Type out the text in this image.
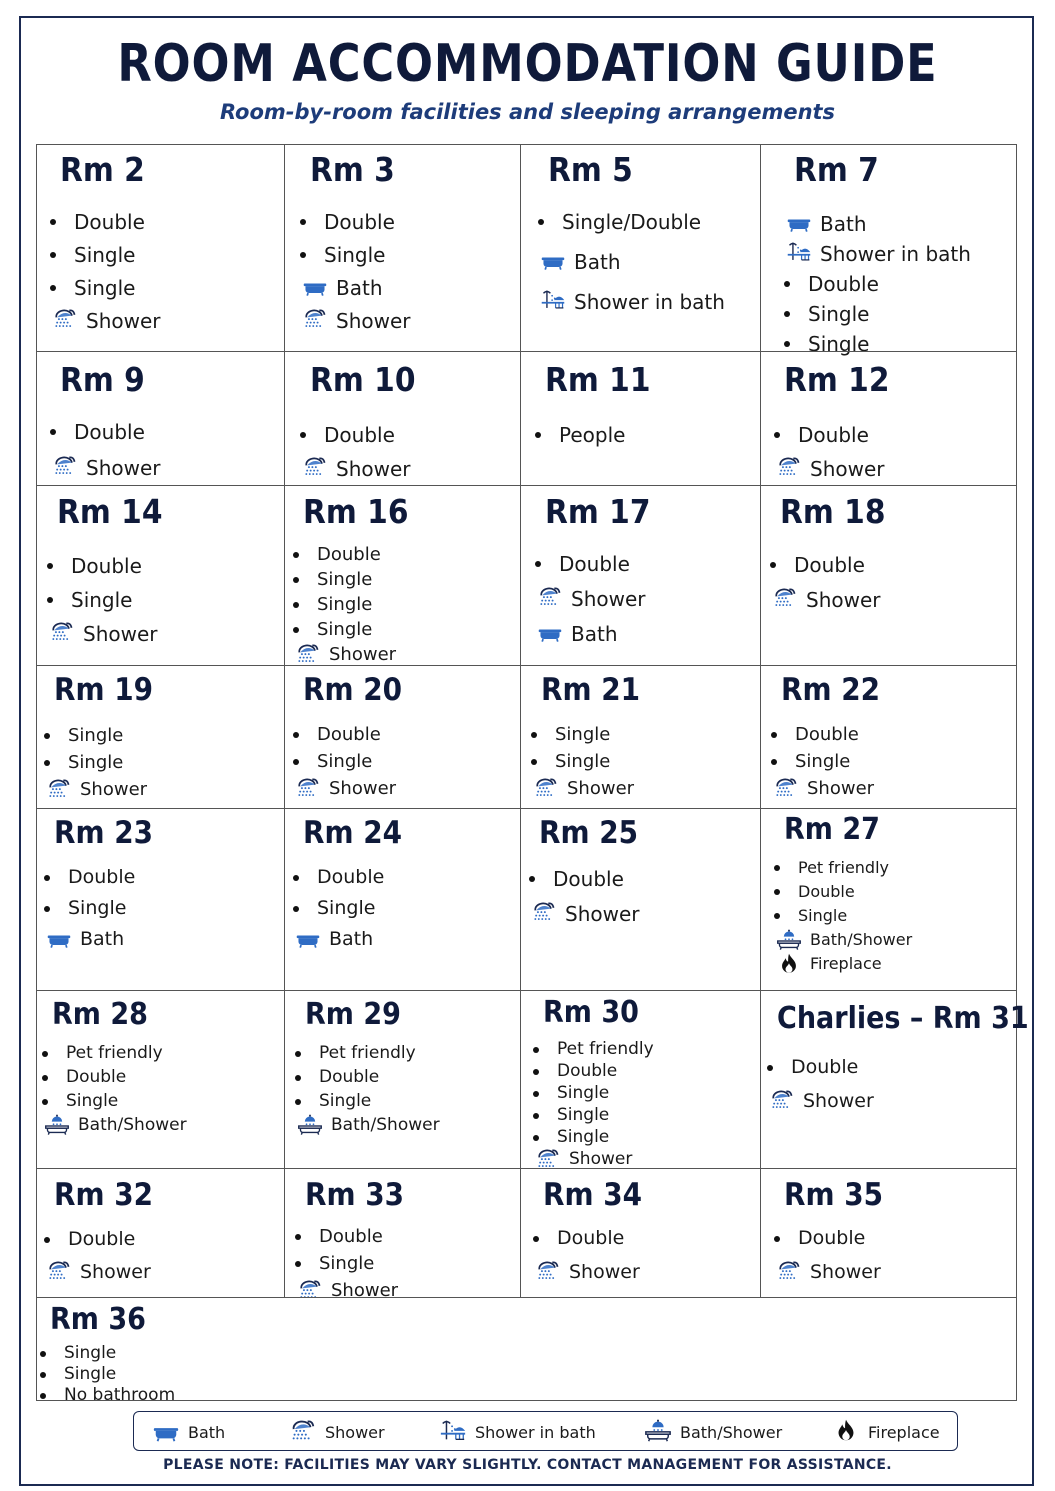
ROOM ACCOMMODATION GUIDE
Room-by-room facilities and sleeping arrangements
Rm 2
Double
Single
Single
Shower
Rm 3
Double
Single
Bath
Shower
Rm 5
Single/Double
Bath
Shower in bath
Rm 7
Bath
Shower in bath
Double
Single
Single
Rm 9
Double
Shower
Rm 10
Double
Shower
Rm 11
People
Rm 12
Double
Shower
Rm 14
Double
Single
Shower
Rm 16
Double
Single
Single
Single
Shower
Rm 17
Double
Shower
Bath
Rm 18
Double
Shower
Rm 19
Single
Single
Shower
Rm 20
Double
Single
Shower
Rm 21
Single
Single
Shower
Rm 22
Double
Single
Shower
Rm 23
Double
Single
Bath
Rm 24
Double
Single
Bath
Rm 25
Double
Shower
Rm 27
Pet friendly
Double
Single
Bath/Shower
Fireplace
Rm 28
Pet friendly
Double
Single
Bath/Shower
Rm 29
Pet friendly
Double
Single
Bath/Shower
Rm 30
Pet friendly
Double
Single
Single
Single
Shower
Charlies – Rm 31
Double
Shower
Rm 32
Double
Shower
Rm 33
Double
Single
Shower
Rm 34
Double
Shower
Rm 35
Double
Shower
Rm 36
Single
Single
No bathroom
Bath	Shower	Shower in bath	Bath/Shower	Fireplace
PLEASE NOTE: FACILITIES MAY VARY SLIGHTLY. CONTACT MANAGEMENT FOR ASSISTANCE.
